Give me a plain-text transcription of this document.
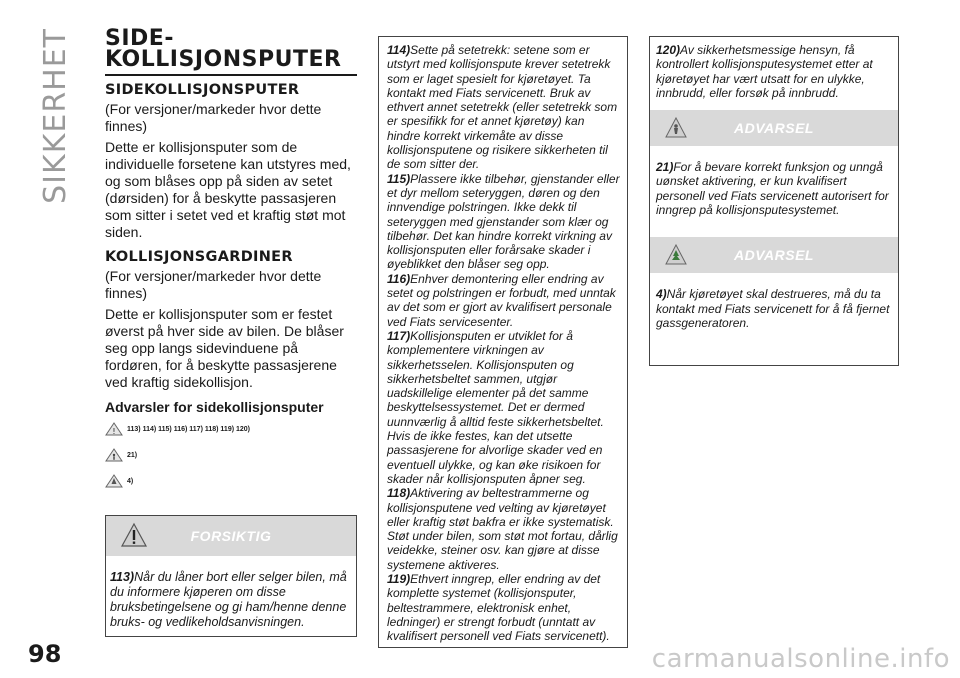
SIKKERHET
98	carmanualsonline.info
SIDE-
KOLLISJONSPUTER
SIDEKOLLISJONSPUTER

(For versjoner/markeder hvor dette finnes)

Dette er kollisjonsputer som de individuelle forsetene kan utstyres med, og som blåses opp på siden av setet (dørsiden) for å beskytte passasjeren som sitter i setet ved et kraftig støt mot siden.

KOLLISJONSGARDINER

(For versjoner/markeder hvor dette finnes)

Dette er kollisjonsputer som er festet øverst på hver side av bilen. De blåser seg opp langs sidevinduene på fordøren, for å beskytte passasjerene ved kraftig sidekollisjon.

Advarsler for sidekollisjonsputer
! 113) 114) 115) 116) 117) 118) 119) 120)
21)
4)
FORSIKTIG
113)Når du låner bort eller selger bilen, må du informere kjøperen om disse bruksbetingelsene og gi ham/henne denne bruks- og vedlikeholdsanvisningen.

114)Sette på setetrekk: setene som er utstyrt med kollisjonspute krever setetrekk som er laget spesielt for kjøretøyet. Ta kontakt med Fiats servicenett. Bruk av ethvert annet setetrekk (eller setetrekk som er spesifikk for et annet kjøretøy) kan hindre korrekt virkemåte av disse kollisjonsputene og risikere sikkerheten til de som sitter der.

115)Plassere ikke tilbehør, gjenstander eller et dyr mellom seteryggen, døren og den innvendige polstringen. Ikke dekk til seteryggen med gjenstander som klær og tilbehør. Det kan hindre korrekt virkning av kollisjonsputen eller forårsake skader i øyeblikket den blåser seg opp.

116)Enhver demontering eller endring av setet og polstringen er forbudt, med unntak av det som er gjort av kvalifisert personale ved Fiats servicesenter.

117)Kollisjonsputen er utviklet for å komplementere virkningen av sikkerhetsselen. Kollisjonsputen og sikkerhetsbeltet sammen, utgjør uadskillelige elementer på det samme beskyttelsessystemet. Det er dermed uunnværlig å alltid feste sikkerhetsbeltet. Hvis de ikke festes, kan det utsette passasjerene for alvorlige skader ved en eventuell ulykke, og kan øke risikoen for skader når kollisjonsputen åpner seg.

118)Aktivering av beltestrammerne og kollisjonsputene ved velting av kjøretøyet eller kraftig støt bakfra er ikke systematisk. Støt under bilen, som støt mot fortau, dårlig veidekke, steiner osv. kan gjøre at disse systemene aktiveres.

119)Ethvert inngrep, eller endring av det komplette systemet (kollisjonsputer, beltestrammere, elektronisk enhet, ledninger) er strengt forbudt (unntatt av kvalifisert personell ved Fiats servicenett).

120)Av sikkerhetsmessige hensyn, få kontrollert kollisjonsputesystemet etter at kjøretøyet har vært utsatt for en ulykke, innbrudd, eller forsøk på innbrudd.

ADVARSEL

21)For å bevare korrekt funksjon og unngå uønsket aktivering, er kun kvalifisert personell ved Fiats servicenett autorisert for inngrep på kollisjonsputesystemet.

ADVARSEL

4)Når kjøretøyet skal destrueres, må du ta kontakt med Fiats servicenett for å få fjernet gassgeneratoren.
